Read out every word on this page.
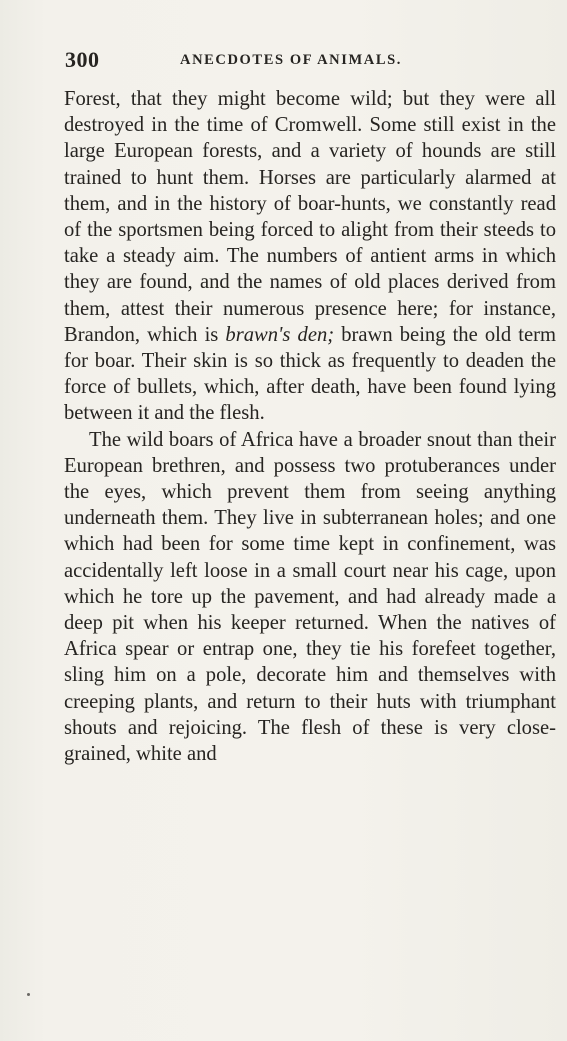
300	ANECDOTES OF ANIMALS.

Forest, that they might become wild; but they were all destroyed in the time of Cromwell. Some still exist in the large European forests, and a variety of hounds are still trained to hunt them. Horses are particularly alarmed at them, and in the history of boar-hunts, we constantly read of the sportsmen being forced to alight from their steeds to take a steady aim. The numbers of antient arms in which they are found, and the names of old places derived from them, attest their numerous presence here; for instance, Brandon, which is brawn's den; brawn being the old term for boar. Their skin is so thick as frequently to deaden the force of bullets, which, after death, have been found lying between it and the flesh.

The wild boars of Africa have a broader snout than their European brethren, and possess two protuberances under the eyes, which prevent them from seeing anything underneath them. They live in subterranean holes; and one which had been for some time kept in confinement, was accidentally left loose in a small court near his cage, upon which he tore up the pavement, and had already made a deep pit when his keeper returned. When the natives of Africa spear or entrap one, they tie his forefeet together, sling him on a pole, decorate him and themselves with creeping plants, and return to their huts with triumphant shouts and rejoicing. The flesh of these is very close-grained, white and
